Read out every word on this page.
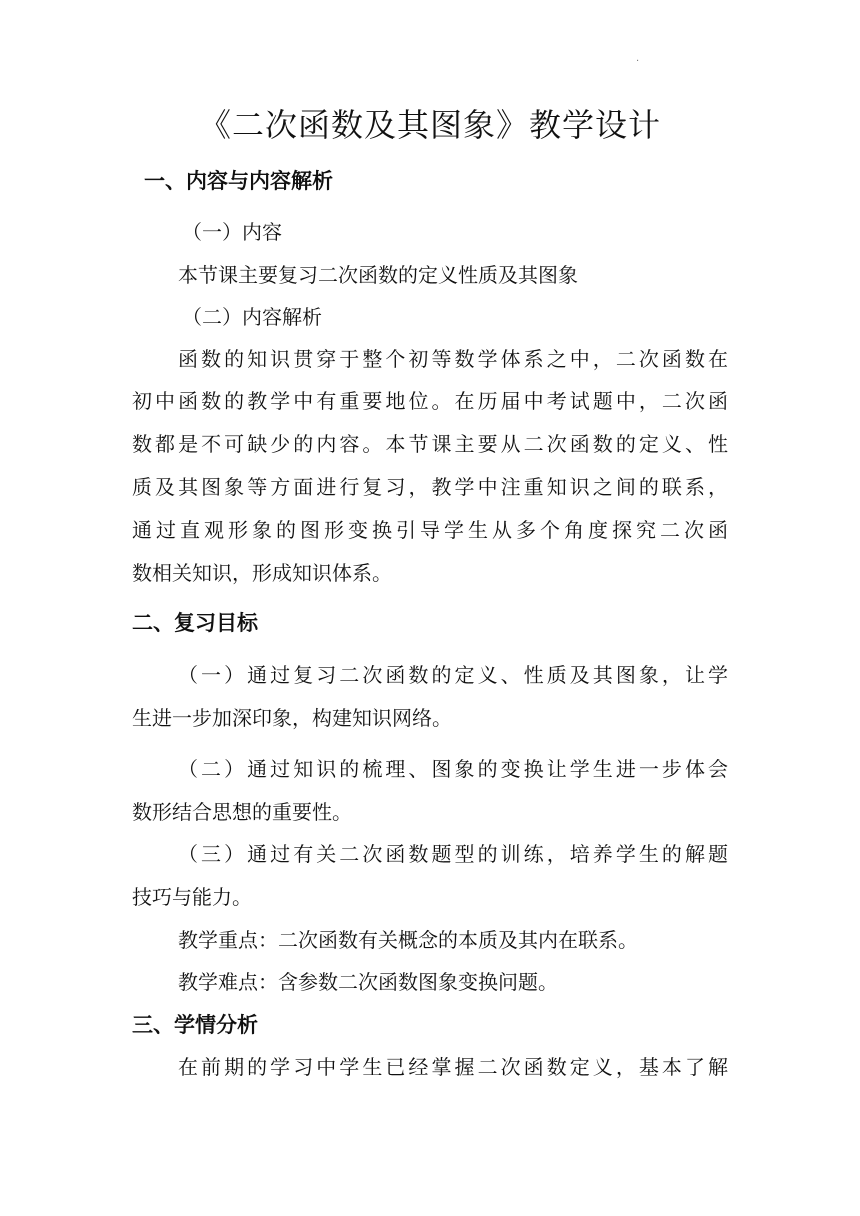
·
《二次函数及其图象》教学设计
一、内容与内容解析
（一）内容
本节课主要复习二次函数的定义性质及其图象
（二）内容解析
函数的知识贯穿于整个初等数学体系之中，二次函数在
初中函数的教学中有重要地位。在历届中考试题中，二次函
数都是不可缺少的内容。本节课主要从二次函数的定义、性
质及其图象等方面进行复习，教学中注重知识之间的联系，
通过直观形象的图形变换引导学生从多个角度探究二次函
数相关知识，形成知识体系。
二、复习目标
（一）通过复习二次函数的定义、性质及其图象，让学
生进一步加深印象，构建知识网络。
（二）通过知识的梳理、图象的变换让学生进一步体会
数形结合思想的重要性。
（三）通过有关二次函数题型的训练，培养学生的解题
技巧与能力。
教学重点：二次函数有关概念的本质及其内在联系。
教学难点：含参数二次函数图象变换问题。
三、学情分析
在前期的学习中学生已经掌握二次函数定义，基本了解
